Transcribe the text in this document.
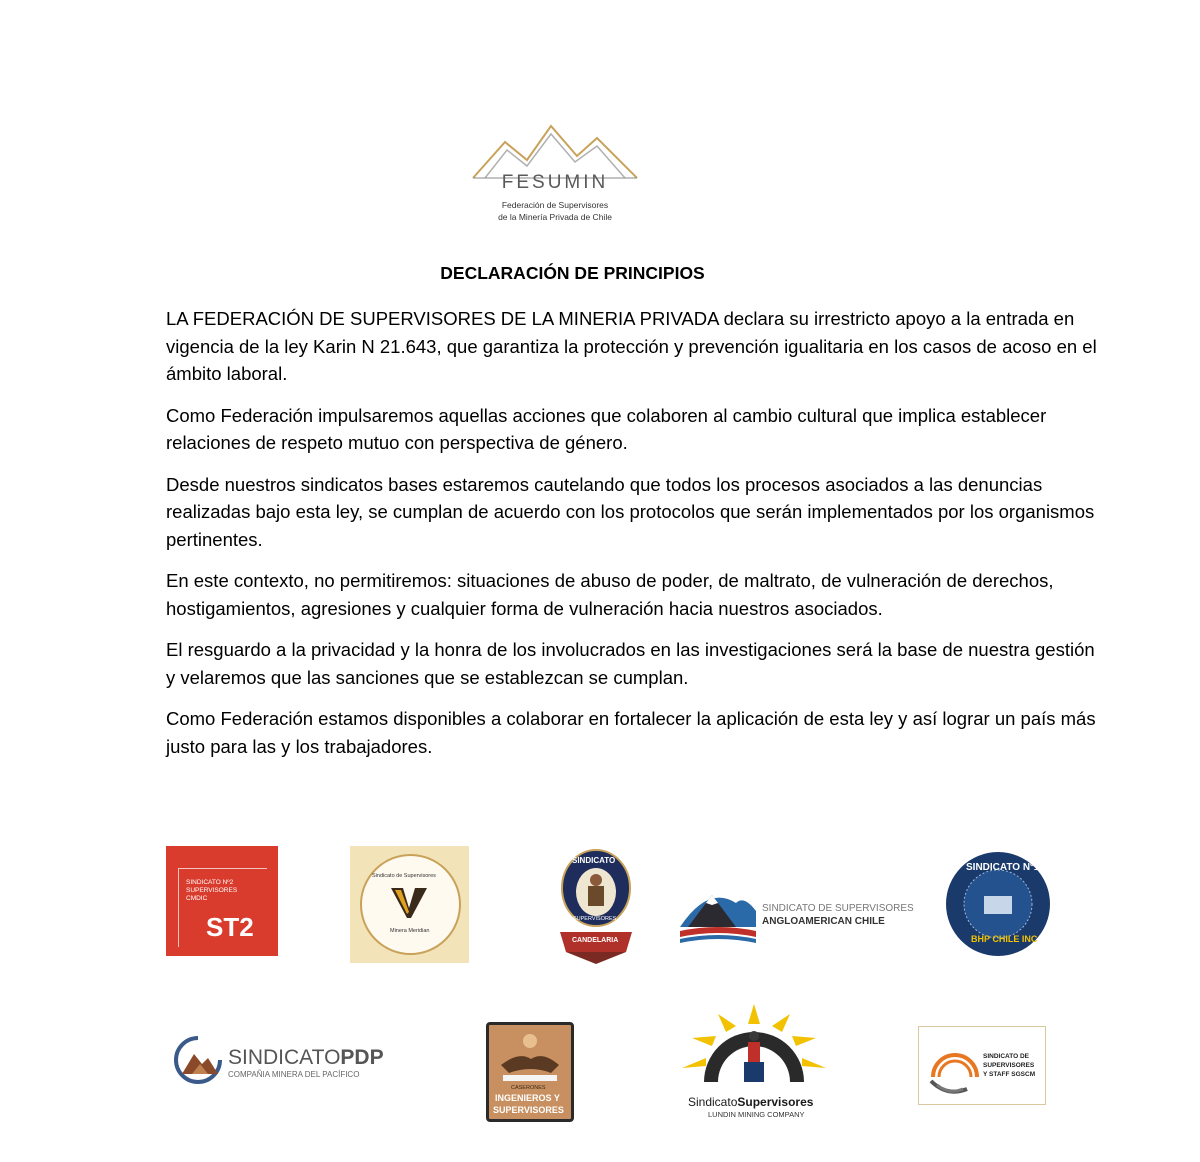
FESUMIN
Federación de Supervisores
de la Minería Privada de Chile
DECLARACIÓN DE PRINCIPIOS

LA FEDERACIÓN DE SUPERVISORES DE LA MINERIA PRIVADA declara su irrestricto apoyo a la entrada en vigencia de la ley Karin N 21.643, que garantiza la protección y prevención igualitaria en los casos de acoso en el ámbito laboral.

Como Federación impulsaremos aquellas acciones que colaboren al cambio cultural que implica establecer relaciones de respeto mutuo con perspectiva de género.

Desde nuestros sindicatos bases estaremos cautelando que todos los procesos asociados a las denuncias realizadas bajo esta ley, se cumplan de acuerdo con los protocolos que serán implementados por los organismos pertinentes.

En este contexto, no permitiremos: situaciones de abuso de poder, de maltrato, de vulneración de derechos, hostigamientos, agresiones y cualquier forma de vulneración hacia nuestros asociados.

El resguardo a la privacidad y la honra de los involucrados en las investigaciones será la base de nuestra gestión y velaremos que las sanciones que se establezcan se cumplan.

Como Federación estamos disponibles a colaborar en fortalecer la aplicación de esta ley y así lograr un país más justo para las y los trabajadores.

SINDICATO Nº2
SUPERVISORES
CMDIC
ST2
Sindicato de Supervisores
Minera Meridian
SINDICATO
SUPERVISORES
CANDELARIA
SINDICATO DE SUPERVISORES
ANGLOAMERICAN CHILE
SINDICATO Nº1
BHP CHILE INC
SINDICATOPDP
COMPAÑIA MINERA DEL PACÍFICO
CASERONES
INGENIEROS Y
SUPERVISORES
SindicatoSupervisores
LUNDIN MINING COMPANY
SINDICATO DE
SUPERVISORES
Y STAFF SGSCM
